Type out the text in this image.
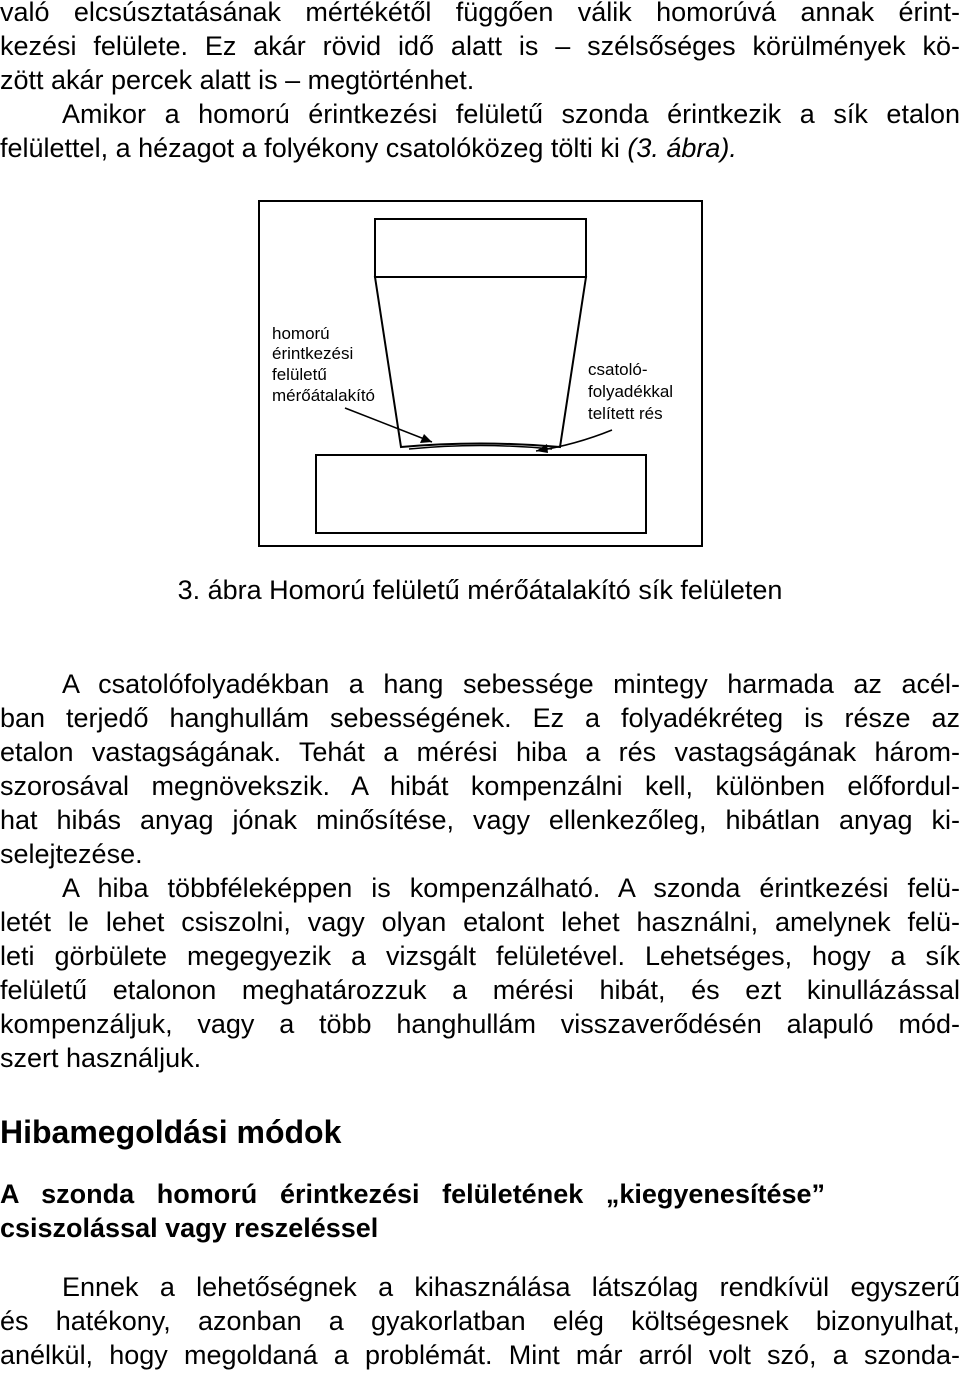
való elcsúsztatásának mértékétől függően válik homorúvá annak érint-
kezési felülete. Ez akár rövid idő alatt is – szélsőséges körülmények kö-
zött akár percek alatt is – megtörténhet.
Amikor a homorú érintkezési felületű szonda érintkezik a sík etalon
felülettel, a hézagot a folyékony csatolóközeg tölti ki (3. ábra).
homorú
érintkezési
felületű
mérőátalakító
csatoló-
folyadékkal
telített rés
3. ábra Homorú felületű mérőátalakító sík felületen
A csatolófolyadékban a hang sebessége mintegy harmada az acél-
ban terjedő hanghullám sebességének. Ez a folyadékréteg is része az
etalon vastagságának. Tehát a mérési hiba a rés vastagságának három-
szorosával megnövekszik. A hibát kompenzálni kell, különben előfordul-
hat hibás anyag jónak minősítése, vagy ellenkezőleg, hibátlan anyag ki-
selejtezése.
A hiba többféleképpen is kompenzálható. A szonda érintkezési felü-
letét le lehet csiszolni, vagy olyan etalont lehet használni, amelynek felü-
leti görbülete megegyezik a vizsgált felületével. Lehetséges, hogy a sík
felületű etalonon meghatározzuk a mérési hibát, és ezt kinullázással
kompenzáljuk, vagy a több hanghullám visszaverődésén alapuló mód-
szert használjuk.
Hibamegoldási módok
A szonda homorú érintkezési felületének „kiegyenesítése”
csiszolással vagy reszeléssel
Ennek a lehetőségnek a kihasználása látszólag rendkívül egyszerű
és hatékony, azonban a gyakorlatban elég költségesnek bizonyulhat,
anélkül, hogy megoldaná a problémát. Mint már arról volt szó, a szonda-
